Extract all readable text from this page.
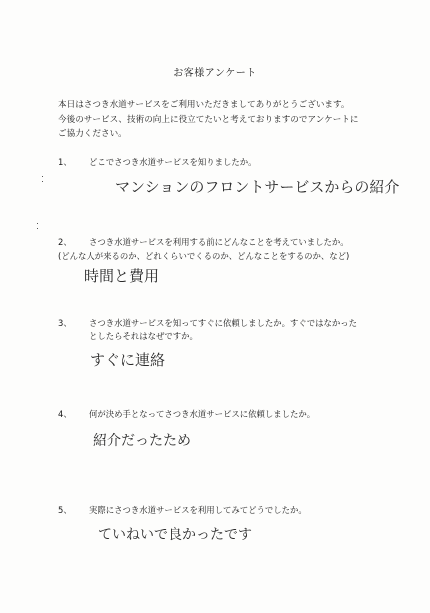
お客様アンケート

本日はさつき水道サービスをご利用いただきましてありがとうございます。

今後のサービス、技術の向上に役立てたいと考えておりますのでアンケートに

ご協力ください。

1、 どこでさつき水道サービスを知りましたか。
マンションのフロントサービスからの紹介
2、 さつき水道サービスを利用する前にどんなことを考えていましたか。
(どんな人が来るのか、どれくらいでくるのか、どんなことをするのか、など)
時間と費用
3、 さつき水道サービスを知ってすぐに依頼しましたか。すぐではなかった
としたらそれはなぜですか。
すぐに連絡
4、 何が決め手となってさつき水道サービスに依頼しましたか。
紹介だったため
5、 実際にさつき水道サービスを利用してみてどうでしたか。
ていねいで良かったです
